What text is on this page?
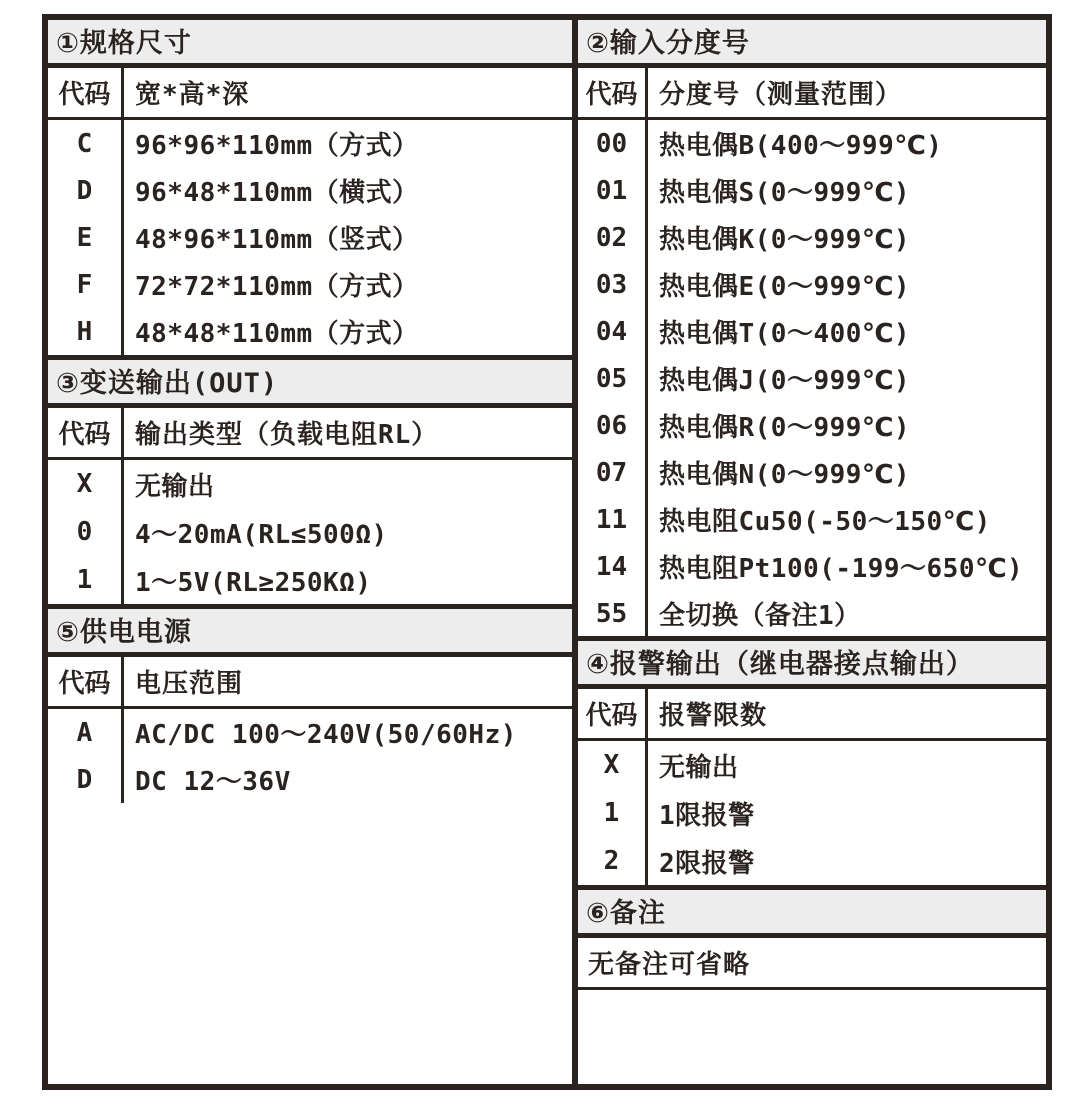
①规格尺寸
代码 宽*高*深
C	96*96*110mm（方式）
D	96*48*110mm（横式）
E	48*96*110mm（竖式）
F	72*72*110mm（方式）
H	48*48*110mm（方式）
③变送输出(OUT)
代码 输出类型（负载电阻RL）
X	无输出
0	4～20mA(RL≤500Ω)
1	1～5V(RL≥250KΩ)
⑤供电电源
代码 电压范围
A	AC/DC 100～240V(50/60Hz)
D	DC 12～36V
②输入分度号
代码 分度号（测量范围）
00	热电偶B(400～999℃)
01	热电偶S(0～999℃)
02	热电偶K(0～999℃)
03	热电偶E(0～999℃)
04	热电偶T(0～400℃)
05	热电偶J(0～999℃)
06	热电偶R(0～999℃)
07	热电偶N(0～999℃)
11	热电阻Cu50(-50～150℃)
14	热电阻Pt100(-199～650℃)
55	全切换（备注1）
④报警输出（继电器接点输出）
代码 报警限数
X	无输出
1	1限报警
2	2限报警
⑥备注
无备注可省略
